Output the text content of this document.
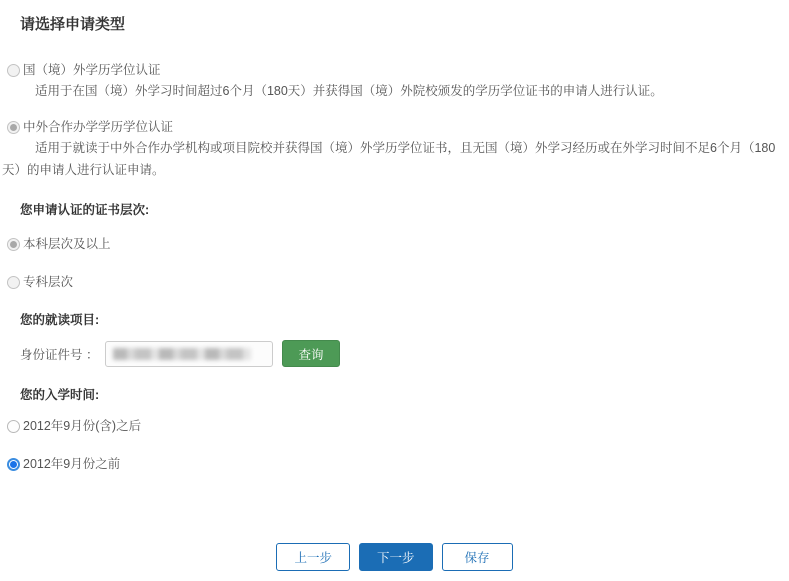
请选择申请类型
国（境）外学历学位认证
适用于在国（境）外学习时间超过6个月（180天）并获得国（境）外院校颁发的学历学位证书的申请人进行认证。
中外合作办学学历学位认证
适用于就读于中外合作办学机构或项目院校并获得国（境）外学历学位证书，且无国（境）外学习经历或在外学习时间不足6个月（180天）的申请人进行认证申请。
您申请认证的证书层次:
本科层次及以上
专科层次
您的就读项目:
身份证件号 ：	查询
您的入学时间:
2012年9月份(含)之后
2012年9月份之前
上一步	下一步	保存
